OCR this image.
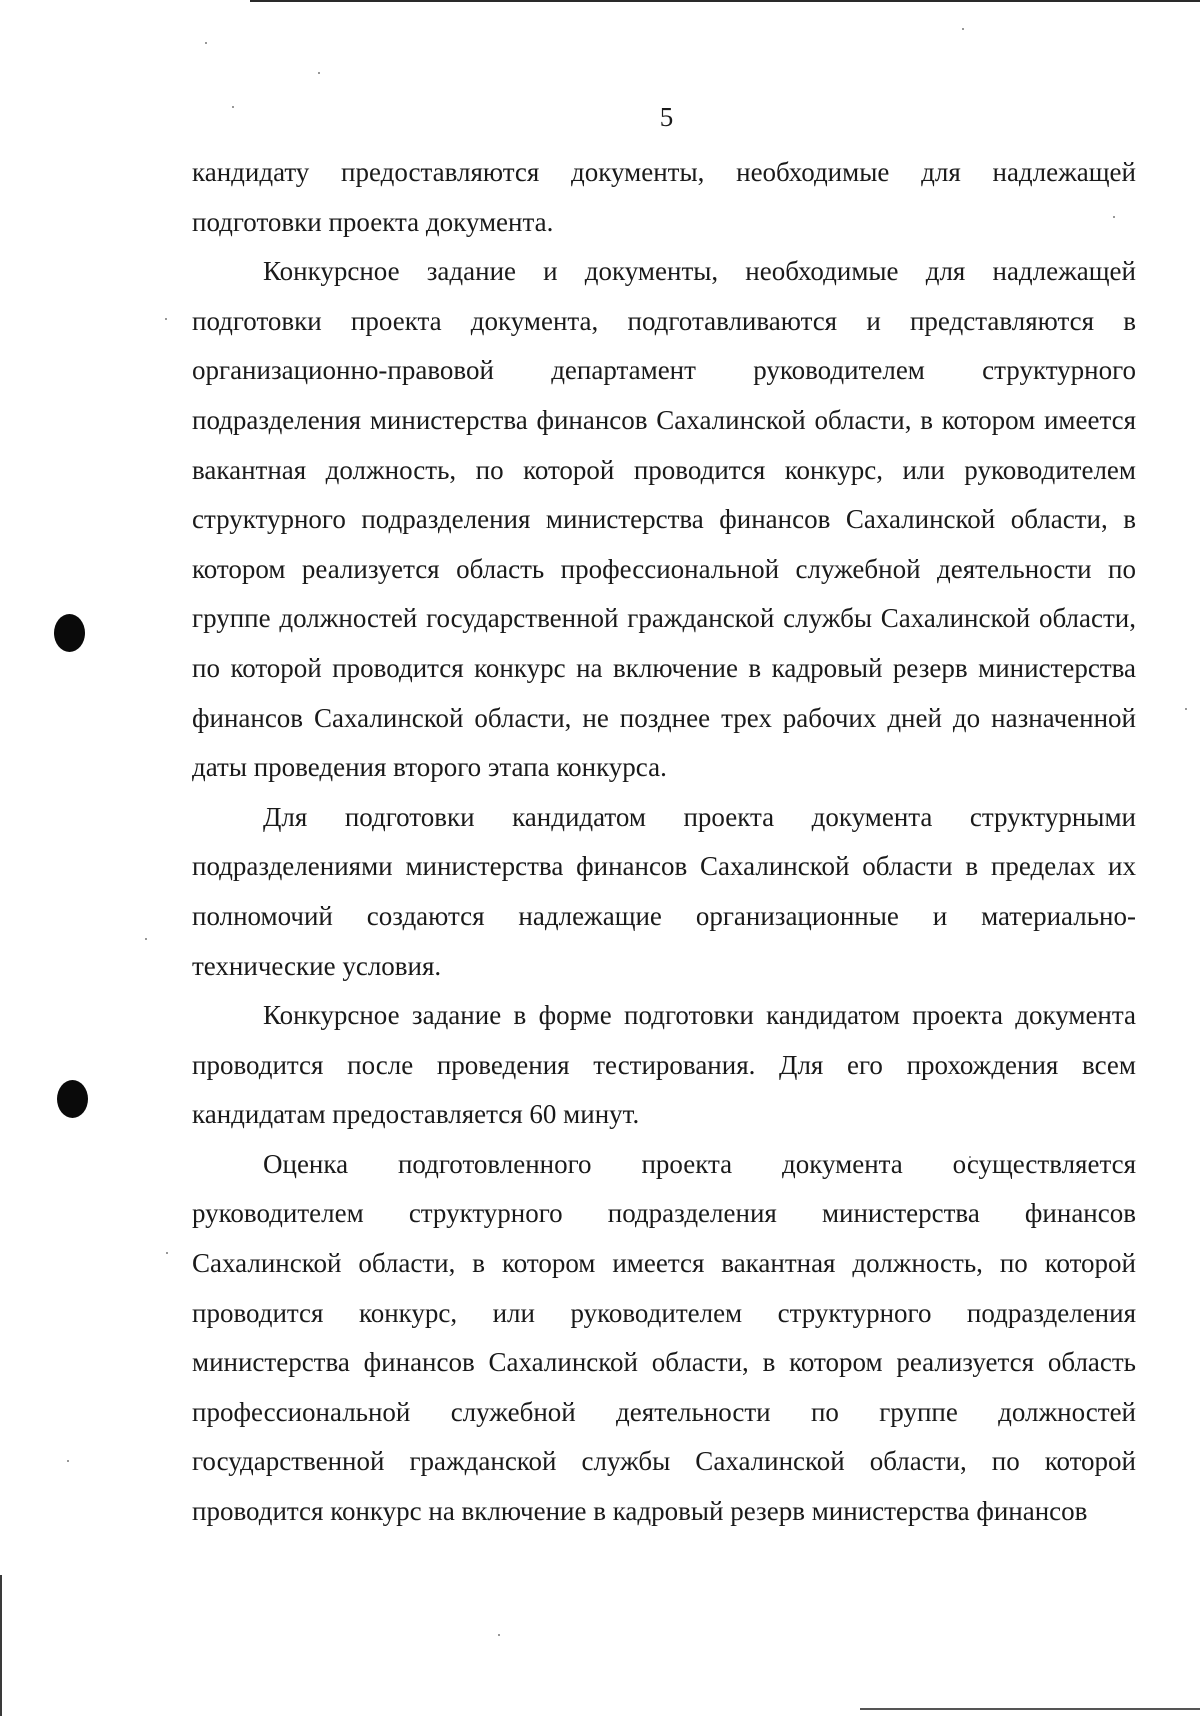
5

кандидату предоставляются документы, необходимые для надлежащей подготовки проекта документа.

Конкурсное задание и документы, необходимые для надлежащей подготовки проекта документа, подготавливаются и представляются в организационно-правовой департамент руководителем структурного подразделения министерства финансов Сахалинской области, в котором имеется вакантная должность, по которой проводится конкурс, или руководителем структурного подразделения министерства финансов Сахалинской области, в котором реализуется область профессиональной служебной деятельности по группе должностей государственной гражданской службы Сахалинской области, по которой проводится конкурс на включение в кадровый резерв министерства финансов Сахалинской области, не позднее трех рабочих дней до назначенной даты проведения второго этапа конкурса.

Для подготовки кандидатом проекта документа структурными подразделениями министерства финансов Сахалинской области в пределах их полномочий создаются надлежащие организационные и материально-технические условия.

Конкурсное задание в форме подготовки кандидатом проекта документа проводится после проведения тестирования. Для его прохождения всем кандидатам предоставляется 60 минут.

Оценка подготовленного проекта документа осуществляется руководителем структурного подразделения министерства финансов Сахалинской области, в котором имеется вакантная должность, по которой проводится конкурс, или руководителем структурного подразделения министерства финансов Сахалинской области, в котором реализуется область профессиональной служебной деятельности по группе должностей государственной гражданской службы Сахалинской области, по которой проводится конкурс на включение в кадровый резерв министерства финансов
